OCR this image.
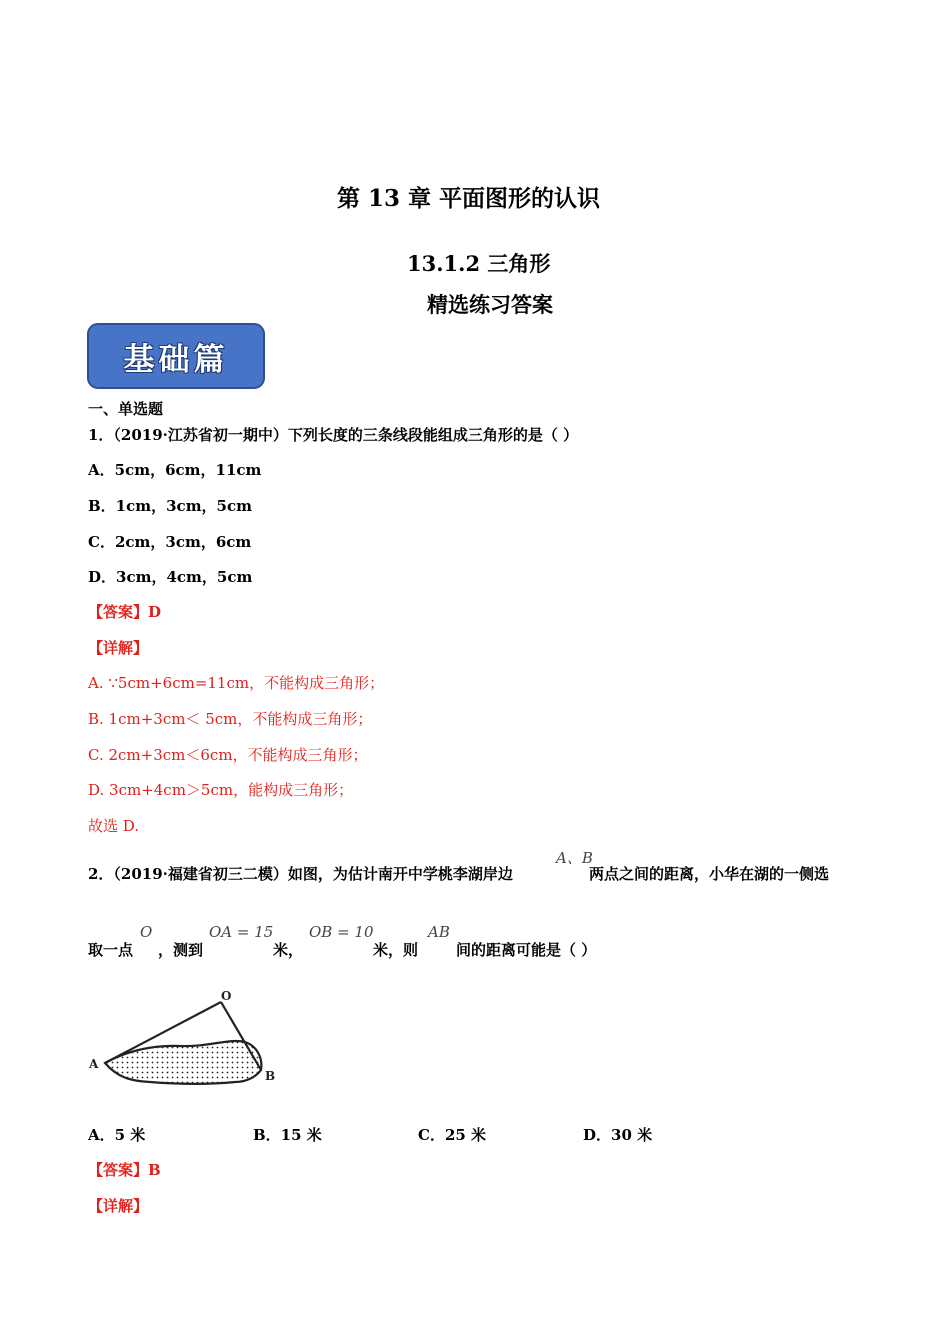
第 13 章 平面图形的认识
13.1.2 三角形
精选练习答案
基础篇
一、单选题
1．（2019·江苏省初一期中）下列长度的三条线段能组成三角形的是（ ）
A．5cm，6cm，11cm
B．1cm，3cm，5cm
C．2cm，3cm，6cm
D．3cm，4cm，5cm
【答案】D
【详解】
A. ∵5cm+6cm=11cm，不能构成三角形；
B. 1cm+3cm＜ 5cm，不能构成三角形；
C. 2cm+3cm＜6cm，不能构成三角形；
D. 3cm+4cm＞5cm，能构成三角形；
故选 D.
2．（2019·福建省初三二模）如图，为估计南开中学桃李湖岸边
A、B
两点之间的距离，小华在湖的一侧选
取一点
O
，测到
OA = 15
米，
OB = 10
米，则
AB
间的距离可能是（ ）
A
B
O
A．5 米	B．15 米	C．25 米	D．30 米
【答案】B
【详解】
